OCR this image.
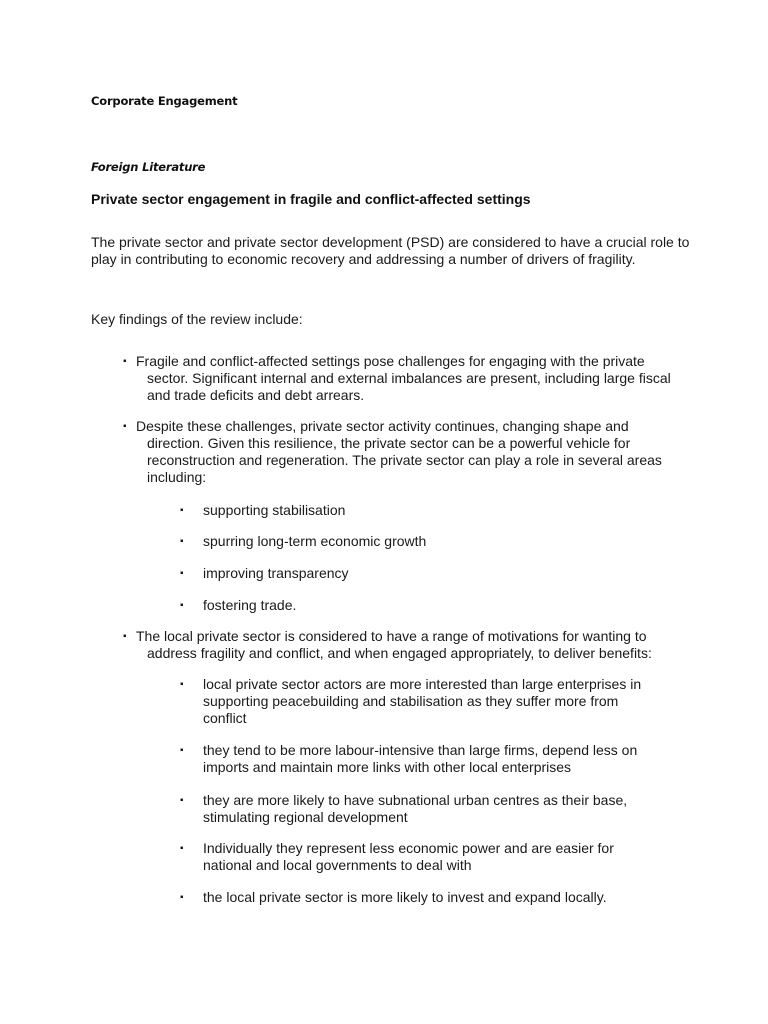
Corporate Engagement
Foreign Literature
Private sector engagement in fragile and conflict-affected settings
The private sector and private sector development (PSD) are considered to have a crucial role to play in contributing to economic recovery and addressing a number of drivers of fragility.
Key findings of the review include:
▪ Fragile and conflict-affected settings pose challenges for engaging with the private
sector. Significant internal and external imbalances are present, including large fiscal and trade deficits and debt arrears.
▪ Despite these challenges, private sector activity continues, changing shape and
direction. Given this resilience, the private sector can be a powerful vehicle for reconstruction and regeneration. The private sector can play a role in several areas including:
▪ supporting stabilisation
▪ spurring long-term economic growth
▪ improving transparency
▪ fostering trade.
▪ The local private sector is considered to have a range of motivations for wanting to
address fragility and conflict, and when engaged appropriately, to deliver benefits:
▪ local private sector actors are more interested than large enterprises in supporting peacebuilding and stabilisation as they suffer more from conflict
▪ they tend to be more labour-intensive than large firms, depend less on imports and maintain more links with other local enterprises
▪ they are more likely to have subnational urban centres as their base, stimulating regional development
▪ Individually they represent less economic power and are easier for national and local governments to deal with
▪ the local private sector is more likely to invest and expand locally.
